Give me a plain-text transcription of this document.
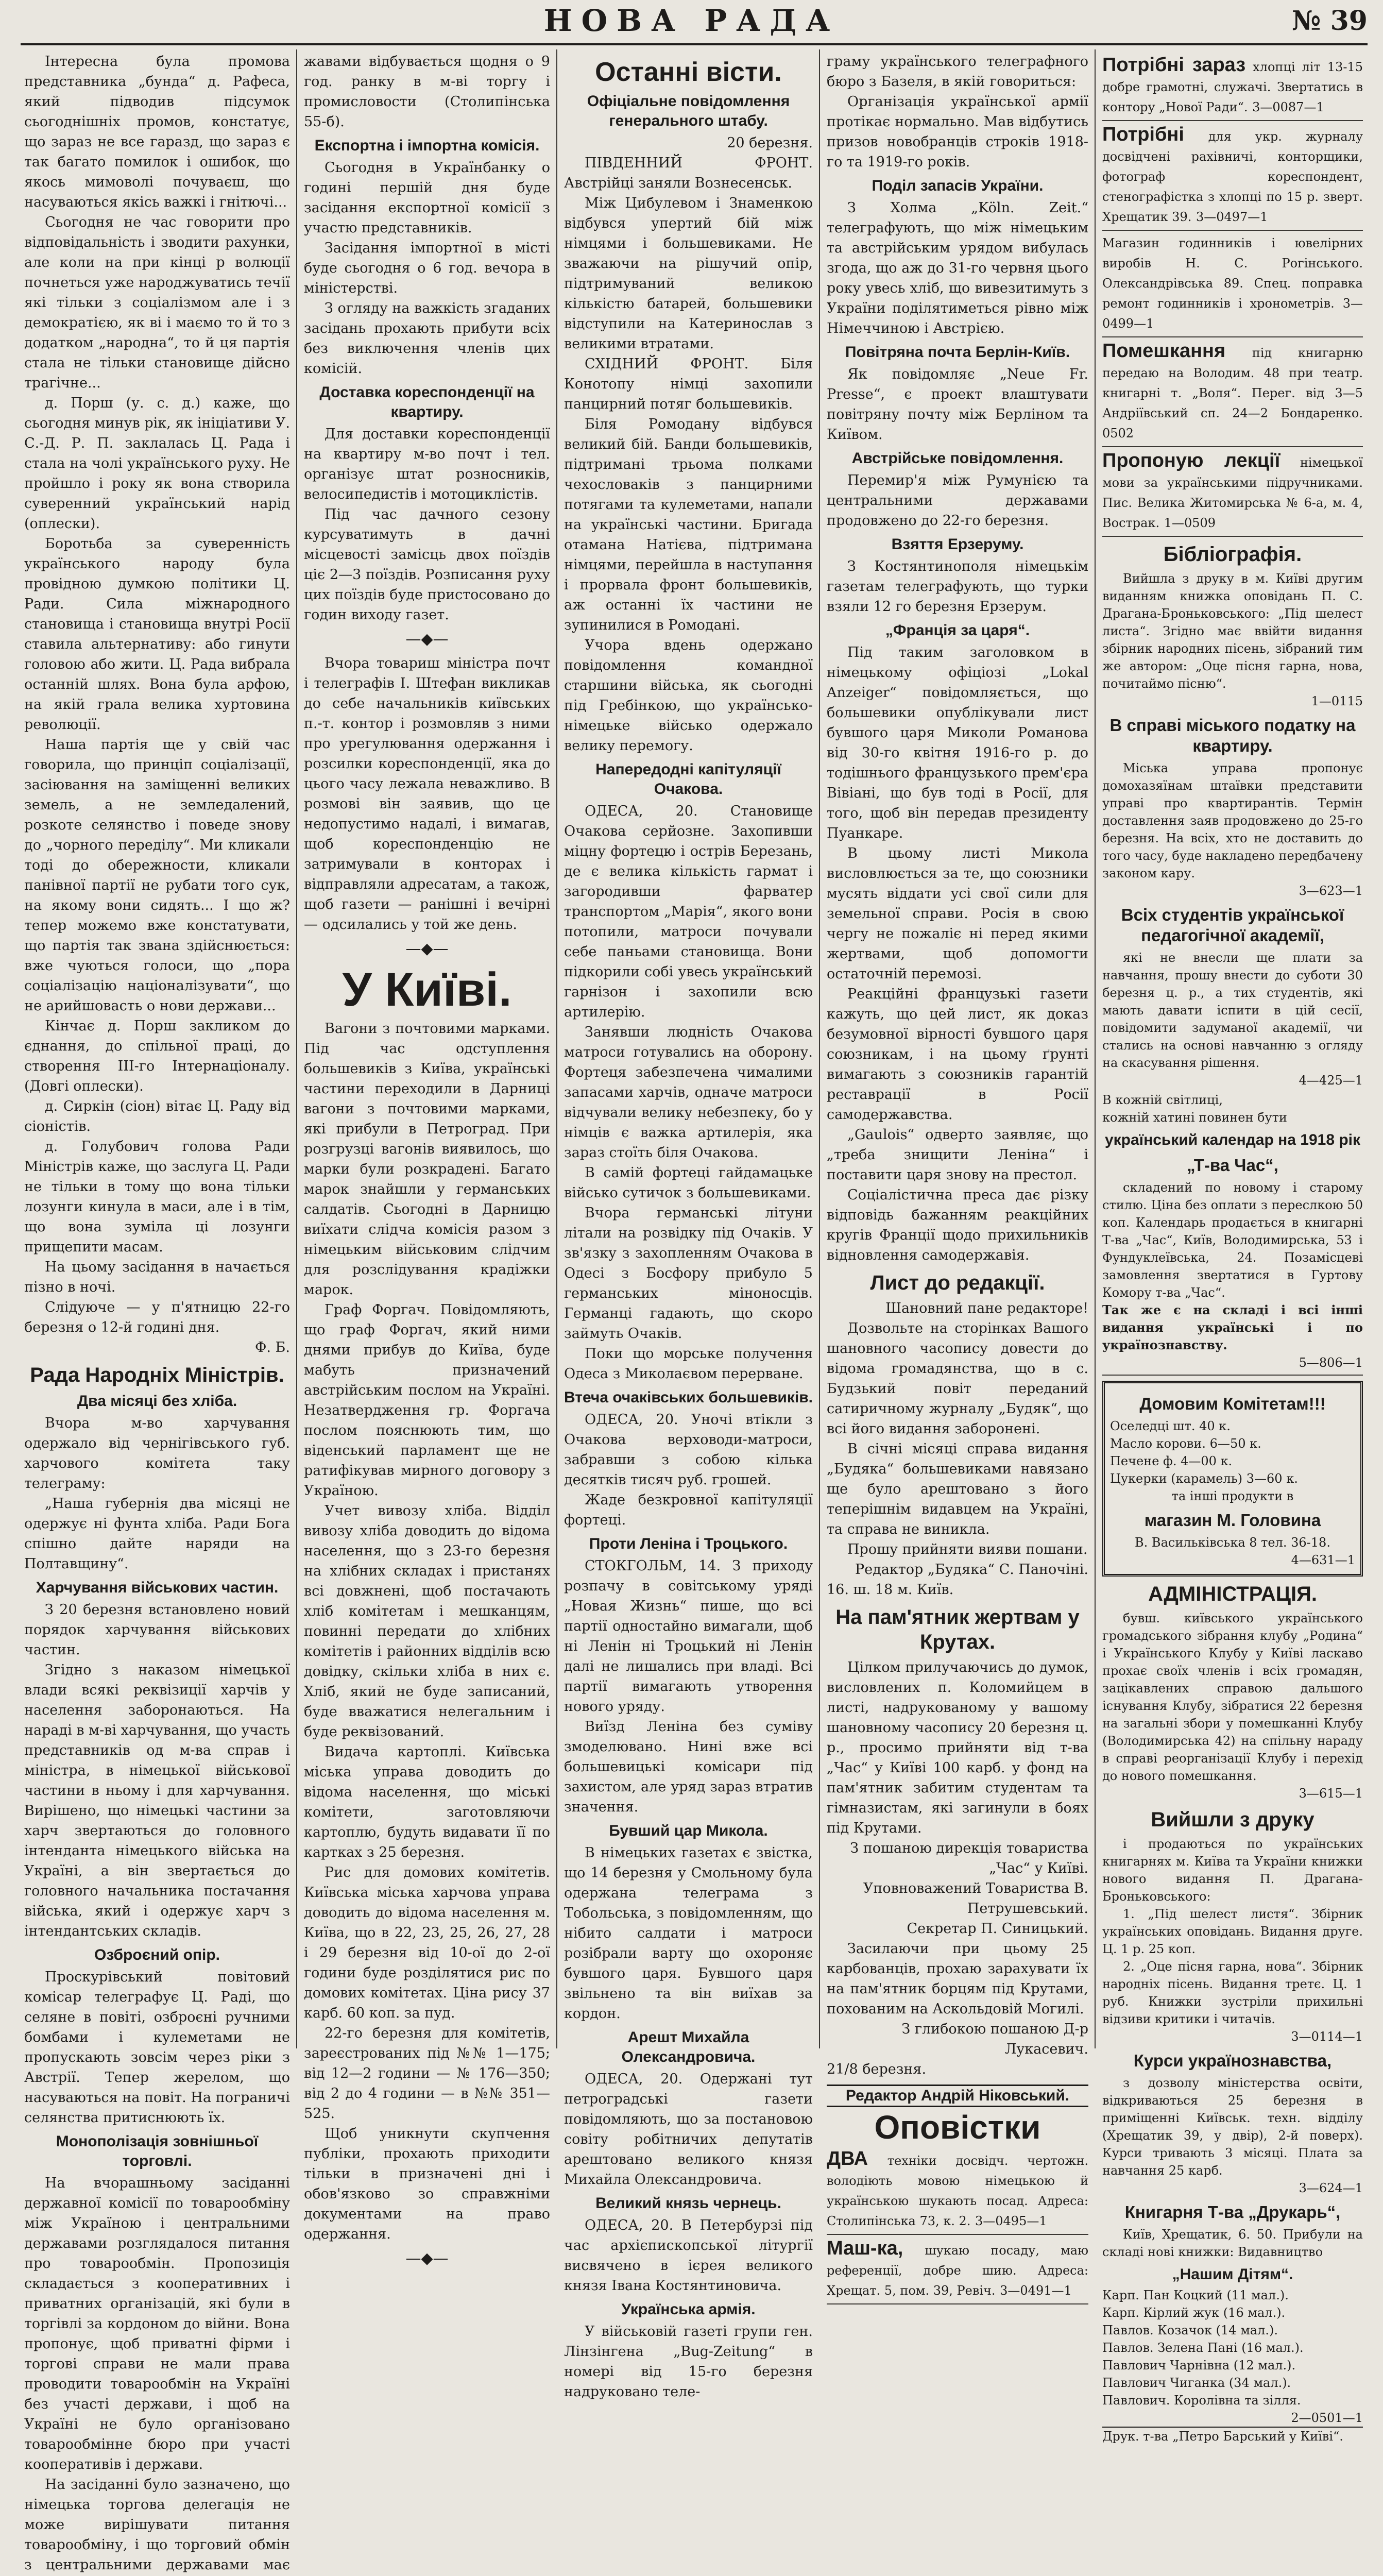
НОВА РАДА	№ 39

Інтересна була промова представника „бунда“ д. Рафеса, який підводив підсумок сьогоднішніх промов, констатує, що зараз не все гаразд, що зараз є так багато помилок і ошибок, що якось мимоволі почуваєш, що насуваються якісь важкі і гнітючі...

Сьогодня не час говорити про відповідальність і зводити рахунки, але коли на при кінці р волюції почнеться уже народжуватись течії які тільки з соціалізмом але і з демократією, як ві і маємо то й то з додатком „народна“, то й ця партія стала не тільки становище дійсно трагічне...

д. Порш (у. с. д.) каже, що сьогодня минув рік, як ініціативи У. С.-Д. Р. П. заклалась Ц. Рада і стала на чолі українського руху. Не пройшло і року як вона створила суверенний український нарід (оплески).

Боротьба за суверенність українського народу була провідною думкою політики Ц. Ради. Сила міжнародного становища і становища внутрі Росії ставила альтернативу: або гинути головою або жити. Ц. Рада вибрала останній шлях. Вона була арфою, на якій грала велика хуртовина революції.

Наша партія ще у свій час говорила, що принціп соціалізації, засіювання на заміщенні великих земель, а не земледалений, розкоте селянство і поведе знову до „чорного переділу“. Ми кликали тоді до обережности, кликали панівної партії не рубати того сук, на якому вони сидять... І що ж? тепер можемо вже констатувати, що партія так звана здійснюється: вже чуються голоси, що „пора соціалізацію націоналізувати“, що не арийшовасть о нови держави...

Кінчає д. Порш закликом до єднання, до спільної праці, до створення III-го Інтернаціоналу. (Довгі оплески).

д. Сиркін (сіон) вітає Ц. Раду від сіоністів.

д. Голубович голова Ради Міністрів каже, що заслуга Ц. Ради не тільки в тому що вона тільки лозунги кинула в маси, але і в тім, що вона зуміла ці лозунги прищепити масам.

На цьому засідання в начається пізно в ночі.

Слідуюче — у п'ятницю 22-го березня о 12-й годині дня.

Ф. Б.

Рада Народніх Міністрів.
Два місяці без хліба.

Вчора м-во харчування одержало від чернігівського губ. харчового комітета таку телеграму:

„Наша губернія два місяці не одержує ні фунта хліба. Ради Бога спішно дайте наряди на Полтавщину“.

Харчування військових частин.

З 20 березня встановлено новий порядок харчування військових частин.

Згідно з наказом німецької влади всякі реквізиції харчів у населення заборонаються. На нараді в м-ві харчування, що участь представників од м-ва справ і міністра, в німецької військової частини в ньому і для харчування. Вирішено, що німецькі частини за харч звертаються до головного інтенданта німецького війська на Україні, а він звертається до головного начальника постачання війська, який і одержує харч з інтендантських складів.

Озброєний опір.

Проскурівський повітовий комісар телеграфує Ц. Раді, що селяне в повіті, озброєні ручними бомбами і кулеметами не пропускають зовсім через ріки з Австрії. Тепер жерелом, що насуваються на повіт. На пограничі селянства притиснюють їх.

Монополізація зовнішньої торговлі.

На вчорашньому засіданні державної комісії по товарообміну між Україною і центральними державами розглядалося питання про товарообмін. Пропозиція складається з кооперативних і приватних організацій, які були в торгівлі за кордоном до війни. Вона пропонує, щоб приватні фірми і торгові справи не мали права проводити товарообмін на Україні без участі держави, і щоб на Україні не було організовано товарообмінне бюро при участі кооперативів і держави.

На засіданні було зазначено, що німецька торгова делегація не може вирішувати питання товарообміну, і що торговий обмін з центральними державами має

жавами відбувається щодня о 9 год. ранку в м-ві торгу і промисловости (Столипінська 55-б).

Експортна і імпортна комісія.

Сьогодня в Українбанку о годині першій дня буде засідання експортної комісії з участю представників.

Засідання імпортної в місті буде сьогодня о 6 год. вечора в міністерстві.

З огляду на важкість згаданих засідань прохають прибути всіх без виключення членів цих комісій.

Доставка кореспонденції на квартиру.

Для доставки кореспонденції на квартиру м-во почт і тел. організує штат розносників, велосипедистів і мотоциклістів.

Під час дачного сезону курсуватимуть в дачні місцевості замісць двох поїздів ціє 2—3 поїздів. Розписання руху цих поїздів буде пристосовано до годин виходу газет.

—◆—

Вчора товариш міністра почт і телеграфів І. Штефан викликав до себе начальників київських п.-т. контор і розмовляв з ними про урегулювання одержання і розсилки кореспонденції, яка до цього часу лежала неважливо. В розмові він заявив, що це недопустимо надалі, і вимагав, щоб кореспонденцію не затримували в конторах і відправляли адресатам, а також, щоб газети — ранішні і вечірні — одсилались у той же день.

—◆—
У Київі.

Вагони з почтовими марками. Під час одступлення большевиків з Київа, українські частини переходили в Дарниці вагони з почтовими марками, які прибули в Петроград. При розгрузці вагонів виявилось, що марки були розкрадені. Багато марок знайшли у германських салдатів. Сьогодні в Дарницю виїхати слідча комісія разом з німецьким військовим слідчим для розслідування крадіжки марок.

Граф Форгач. Повідомляють, що граф Форгач, який ними днями прибув до Київа, буде мабуть призначений австрійським послом на Україні. Незатвердження гр. Форгача послом пояснюють тим, що віденський парламент ще не ратифікував мирного договору з Україною.

Учет вивозу хліба. Відділ вивозу хліба доводить до відома населення, що з 23-го березня на хлібних складах і пристанях всі довжнені, щоб постачають хліб комітетам і мешканцям, повинні передати до хлібних комітетів і районних відділів всю довідку, скільки хліба в них є. Хліб, який не буде записаний, буде вважатися нелегальним і буде реквізований.

Видача картоплі. Київська міська управа доводить до відома населення, що міські комітети, заготовляючи картоплю, будуть видавати її по картках з 25 березня.

Рис для домових комітетів. Київська міська харчова управа доводить до відома населення м. Київа, що в 22, 23, 25, 26, 27, 28 і 29 березня від 10-ої до 2-ої години буде розділятися рис по домових комітетах. Ціна рису 37 карб. 60 коп. за пуд.

22-го березня для комітетів, зареєстрованих під №№ 1—175; від 12—2 години — № 176—350; від 2 до 4 години — в №№ 351—525.

Щоб уникнути скупчення публіки, прохають приходити тільки в призначені дні і обов'язково зо справжніми документами на право одержання.

—◆—
Останні вісти.
Офіціальне повідомлення генерального штабу.

20 березня.

ПІВДЕННИЙ ФРОНТ. Австрійці заняли Вознесенськ.

Між Цибулевом і Знаменкою відбувся упертий бій між німцями і большевиками. Не зважаючи на рішучий опір, підтримуваний великою кількістю батарей, большевики відступили на Катеринослав з великими втратами.

СХІДНИЙ ФРОНТ. Біля Конотопу німці захопили панцирний потяг большевиків.

Біля Ромодану відбувся великий бій. Банди большевиків, підтримані трьома полками чехословаків з панцирними потягами та кулеметами, напали на українські частини. Бригада отамана Натієва, підтримана німцями, перейшла в наступання і прорвала фронт большевиків, аж останні їх частини не зупинилися в Ромодані.

Учора вдень одержано повідомлення командної старшини війська, як сьогодні під Гребінкою, що українсько-німецьке військо одержало велику перемогу.

Напередодні капітуляції Очакова.

ОДЕСА, 20. Становище Очакова серйозне. Захопивши міцну фортецю і острів Березань, де є велика кількість гармат і загородивши фарватер транспортом „Марія“, якого вони потопили, матроси почували себе паньами становища. Вони підкорили собі увесь український гарнізон і захопили всю артилерію.

Занявши людність Очакова матроси готувались на оборону. Фортеця забезпечена чималими запасами харчів, одначе матроси відчували велику небезпеку, бо у німців є важка артилерія, яка зараз стоїть біля Очакова.

В самій фортеці гайдамацьке військо сутичок з большевиками.

Вчора германські літуни літали на розвідку під Очаків. У зв'язку з захопленням Очакова в Одесі з Босфору прибуло 5 германських міноносців. Германці гадають, що скоро займуть Очаків.

Поки що морське получення Одеса з Миколаєвом перерване.

Втеча очаківських большевиків.

ОДЕСА, 20. Уночі втікли з Очакова верховоди-матроси, забравши з собою кілька десятків тисяч руб. грошей.

Жаде безкровної капітуляції фортеці.

Проти Леніна і Троцького.

СТОКГОЛЬМ, 14. З приходу розпачу в совітському уряді „Новая Жизнь“ пише, що всі партії одностайно вимагали, щоб ні Ленін ні Троцький ні Ленін далі не лишались при владі. Всі партії вимагають утворення нового уряду.

Виїзд Леніна без суміву змоделювано. Нині вже всі большевицькі комісари під захистом, але уряд зараз втратив значення.

Бувший цар Микола.

В німецьких газетах є звістка, що 14 березня у Смольному була одержана телеграма з Тобольська, з повідомленням, що нібито салдати і матроси розібрали варту що охороняє бувшого царя. Бувшого царя звільнено та він виїхав за кордон.

Арешт Михайла Олександровича.

ОДЕСА, 20. Одержані тут петроградські газети повідомляють, що за постановою совіту робітничих депутатів арештовано великого князя Михайла Олександровича.

Великий князь чернець.

ОДЕСА, 20. В Петербурзі під час архієпископської літургії висвячено в ієрея великого князя Івана Костянтиновича.

Українська армія.

У військовій газеті групи ген. Лінзінгена „Bug-Zeitung“ в номері від 15-го березня надруковано теле-

граму українського телеграфного бюро з Базеля, в якій говориться:

Організація української армії протікає нормально. Мав відбутись призов новобранців строків 1918-го та 1919-го років.

Поділ запасів України.

З Холма „Köln. Zeit.“ телеграфують, що між німецьким та австрійським урядом вибулась згода, що аж до 31-го червня цього року увесь хліб, що вивезитимуть з України поділятиметься рівно між Німеччиною і Австрією.

Повітряна почта Берлін-Київ.

Як повідомляє „Neue Fr. Presse“, є проект влаштувати повітряну почту між Берліном та Київом.

Австрійське повідомлення.

Перемир'я між Румунією та центральними державами продовжено до 22-го березня.

Взяття Ерзеруму.

З Костянтинополя німецькім газетам телеграфують, що турки взяли 12 го березня Ерзерум.

„Франція за царя“.

Під таким заголовком в німецькому офіціозі „Lokal Anzeiger“ повідомляється, що большевики опублікували лист бувшого царя Миколи Романова від 30-го квітня 1916-го р. до тодішнього французького прем'єра Вівіані, що був тоді в Росії, для того, щоб він передав президенту Пуанкаре.

В цьому листі Микола висловлюється за те, що союзники мусять віддати усі свої сили для земельної справи. Росія в свою чергу не пожаліє ні перед якими жертвами, щоб допомогти остаточній перемозі.

Реакційні французькі газети кажуть, що цей лист, як доказ безумовної вірності бувшого царя союзникам, і на цьому ґрунті вимагають з союзників гарантій реставрації в Росії самодержавства.

„Gaulois“ одверто заявляє, що „треба знищити Леніна“ і поставити царя знову на престол.

Соціалістична преса дає різку відповідь бажанням реакційних кругів Франції щодо прихильників відновлення самодержавія.

Лист до редакції.

Шановний пане редакторе!

Дозвольте на сторінках Вашого шановного часопису довести до відома громадянства, що в с. Будзький повіт переданий сатиричному журналу „Будяк“, що всі його видання заборонені.

В січні місяці справа видання „Будяка“ большевиками навязано ще було арештовано з його теперішнім видавцем на Україні, та справа не виникла.

Прошу прийняти вияви пошани.

Редактор „Будяка“ С. Паночіні.

16. ш. 18 м. Київ.

На пам'ятник жертвам у Крутах.

Цілком прилучаючись до думок, висловлених п. Коломийцем в листі, надрукованому у вашому шановному часопису 20 березня ц. р., просимо прийняти від т-ва „Час“ у Київі 100 карб. у фонд на пам'ятник забитим студентам та гімназистам, які загинули в боях під Крутами.

З пошаною дирекція товариства „Час“ у Київі.

Уповноважений Товариства В. Петрушевський.

Секретар П. Синицький.

Засилаючи при цьому 25 карбованців, прохаю зарахувати їх на пам'ятник борцям під Крутами, похованим на Аскольдовій Могилі.

З глибокою пошаною Д-р Лукасевич.

21/8 березня.

Редактор Андрій Ніковський.
Оповістки
ДВА техніки досвідч. чертожн. володіють мовою німецькою й українською шукають посад. Адреса: Столипінська 73, к. 2. 3—0495—1
Маш-ка, шукаю посаду, маю референції, добре шию. Адреса: Хрещат. 5, пом. 39, Ревіч. 3—0491—1
Потрібні зараз хлопці літ 13-15 добре грамотні, служачі. Звертатись в контору „Нової Ради“. 3—0087—1
Потрібні для укр. журналу досвідчені рахівничі, конторщики, фотограф кореспондент, стенографістка з хлопці по 15 р. зверт. Хрещатик 39. 3—0497—1
Магазин годинників і ювелірних виробів Н. С. Рогінського. Олександрівська 89. Спец. поправка ремонт годинників і хронометрів. 3—0499—1
Помешкання під книгарню передаю на Володим. 48 при театр. книгарні т. „Воля“. Перег. від 3—5 Андріївський сп. 24—2 Бондаренко. 0502
Пропоную лекції німецької мови за українськими підручниками. Пис. Велика Житомирська № 6-а, м. 4, Вострак. 1—0509
Бібліографія.

Вийшла з друку в м. Київі другим виданням книжка оповідань П. С. Драгана-Броньковського: „Під шелест листа“. Згідно має ввійти видання збірник народних пісень, зібраний тим же автором: „Оце пісня гарна, нова, почитаймо пісню“.

1—0115

В справі міського податку на квартиру.

Міська управа пропонує домохазяїнам штаївки представити управі про квартирантів. Термін доставлення заяв продовжено до 25-го березня. На всіх, хто не доставить до того часу, буде накладено передбачену законом кару.

3—623—1

Всіх студентів української педагогічної академії,

які не внесли ще плати за навчання, прошу внести до суботи 30 березня ц. р., а тих студентів, які мають давати іспити в цій сесії, повідомити задуманої академії, чи стались на основі навчанню з огляду на скасування рішення.

4—425—1

В кожній світлиці,

кожній хатині повинен бути

український календар на 1918 рік
„Т-ва Час“,

складений по новому і старому стилю. Ціна без оплати з переслкою 50 коп. Календарь продається в книгарні Т-ва „Час“, Київ, Володимирська, 53 і Фундуклеївська, 24. Позамісцеві замовлення звертатися в Гуртову Комору т-ва „Час“.

Так же є на складі і всі інші видання українські і по українознавству.

5—806—1

Домовим Комітетам!!!

Оселедці шт. 40 к.

Масло корови. 6—50 к.

Печене ф. 4—00 к.

Цукерки (карамель) 3—60 к.

та інші продукти в

магазин М. Головина

В. Васильківська 8 тел. 36-18.

4—631—1

АДМІНІСТРАЦІЯ.

бувш. київського українського громадського зібрання клубу „Родина“ і Українського Клубу у Київі ласкаво прохає своїх членів і всіх громадян, зацікавлених справою дальшого існування Клубу, зібратися 22 березня на загальні збори у помешканні Клубу (Володимирська 42) на спільну нараду в справі реорганізації Клубу і перехід до нового помешкання.

3—615—1

Вийшли з друку

і продаються по українських книгарнях м. Київа та України книжки нового видання П. Драгана-Броньковського:

1. „Під шелест листя“. Збірник українських оповідань. Видання друге. Ц. 1 р. 25 коп.

2. „Оце пісня гарна, нова“. Збірник народніх пісень. Видання третє. Ц. 1 руб. Книжки зустріли прихильні відзиви критики і читачів.

3—0114—1

Курси українознавства,

з дозволу міністерства освіти, відкриваються 25 березня в приміщенні Київськ. техн. відділу (Хрещатик 39, у двір), 2-й поверх). Курси тривають 3 місяці. Плата за навчання 25 карб.

3—624—1

Книгарня Т-ва „Друкарь“,

Київ, Хрещатик, 6. 50. Прибули на складі нові книжки: Видавництво

„Нашим Дітям“.

Карп. Пан Коцкий (11 мал.).

Карп. Кірлий жук (16 мал.).

Павлов. Козачок (14 мал.).

Павлов. Зелена Пані (16 мал.).

Павлович Чарнівна (12 мал.).

Павлович Чиганка (34 мал.).

Павлович. Королівна та зілля.

2—0501—1

Друк. т-ва „Петро Барський у Київі“.
